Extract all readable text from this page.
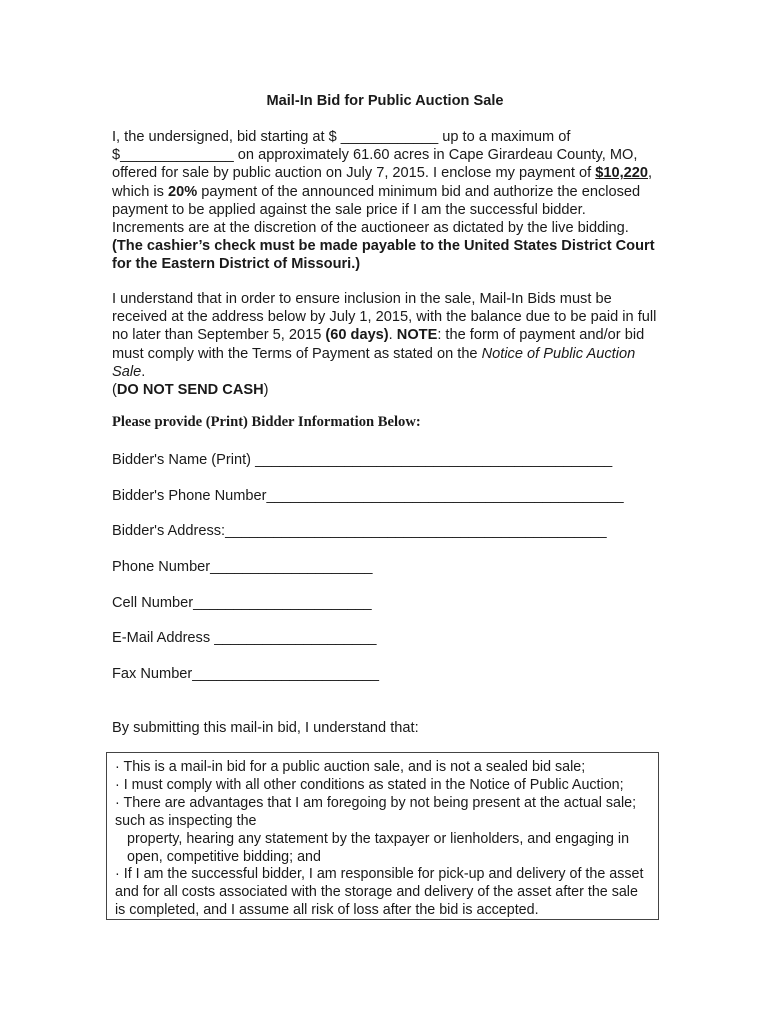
Mail-In Bid for Public Auction Sale
I, the undersigned, bid starting at $ ____________ up to a maximum of $______________ on approximately 61.60 acres in Cape Girardeau County, MO, offered for sale by public auction on July 7, 2015. I enclose my payment of $10,220, which is 20% payment of the announced minimum bid and authorize the enclosed payment to be applied against the sale price if I am the successful bidder. Increments are at the discretion of the auctioneer as dictated by the live bidding. (The cashier’s check must be made payable to the United States District Court for the Eastern District of Missouri.)
I understand that in order to ensure inclusion in the sale, Mail-In Bids must be received at the address below by July 1, 2015, with the balance due to be paid in full no later than September 5, 2015 (60 days). NOTE: the form of payment and/or bid must comply with the Terms of Payment as stated on the Notice of Public Auction Sale.
(DO NOT SEND CASH)
Please provide (Print) Bidder Information Below:
Bidder's Name (Print) ____________________________________________
Bidder's Phone Number____________________________________________
Bidder's Address:_______________________________________________
Phone Number____________________
Cell Number______________________
E-Mail Address ____________________
Fax Number_______________________
By submitting this mail-in bid, I understand that:
· This is a mail-in bid for a public auction sale, and is not a sealed bid sale;
· I must comply with all other conditions as stated in the Notice of Public Auction;
· There are advantages that I am foregoing by not being present at the actual sale; such as inspecting the
property, hearing any statement by the taxpayer or lienholders, and engaging in open, competitive bidding; and
· If I am the successful bidder, I am responsible for pick-up and delivery of the asset and for all costs associated with the storage and delivery of the asset after the sale is completed, and I assume all risk of loss after the bid is accepted.
